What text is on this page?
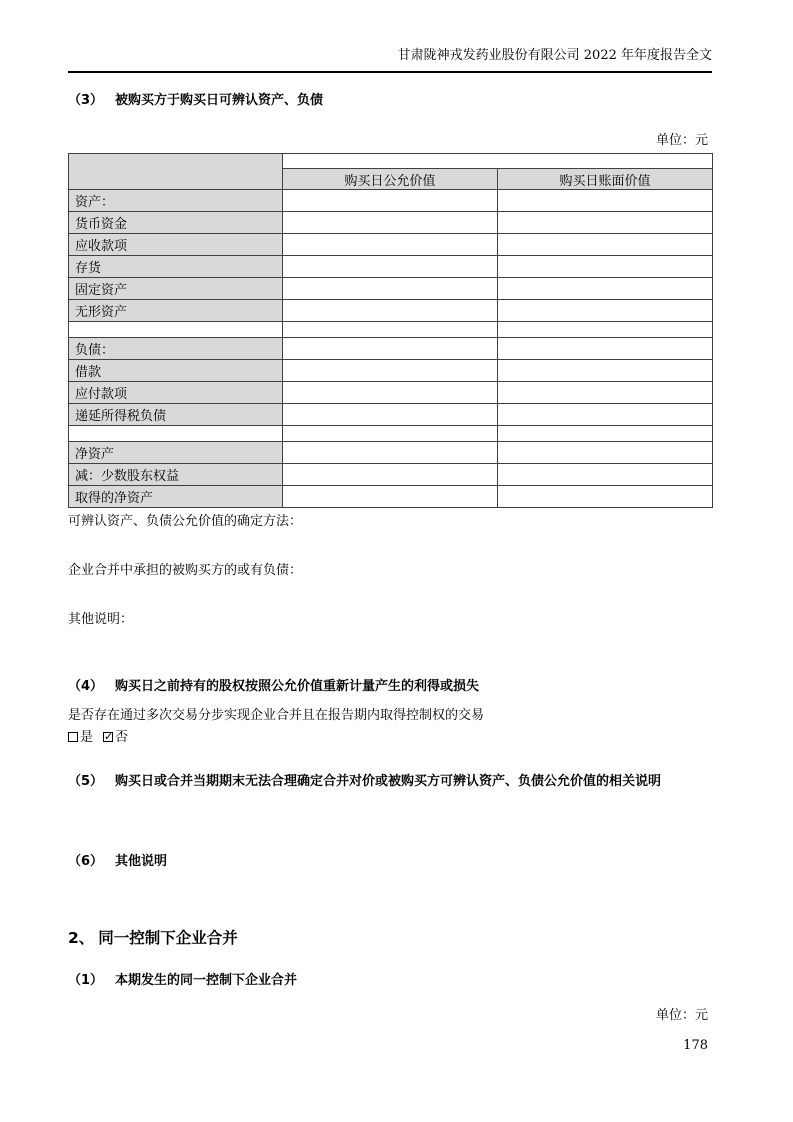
甘肃陇神戎发药业股份有限公司 2022 年年度报告全文
（3） 被购买方于购买日可辨认资产、负债
单位：元

	购买日公允价值	购买日账面价值
资产：		
货币资金		
应收款项		
存货		
固定资产		
无形资产		

负债：		
借款		
应付款项		
递延所得税负债		

净资产		
减：少数股东权益		
取得的净资产		
可辨认资产、负债公允价值的确定方法：
企业合并中承担的被购买方的或有负债：
其他说明：
（4） 购买日之前持有的股权按照公允价值重新计量产生的利得或损失
是否存在通过多次交易分步实现企业合并且在报告期内取得控制权的交易
是 ✓ 否
（5） 购买日或合并当期期末无法合理确定合并对价或被购买方可辨认资产、负债公允价值的相关说明
（6） 其他说明
2、 同一控制下企业合并
（1） 本期发生的同一控制下企业合并
单位：元
178
